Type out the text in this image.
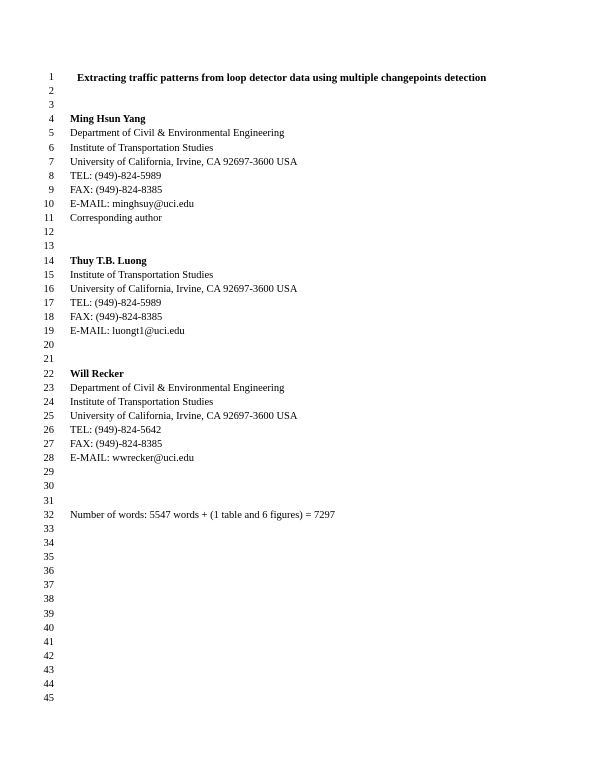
1 Extracting traffic patterns from loop detector data using multiple changepoints detection
2
3
4 Ming Hsun Yang
5 Department of Civil & Environmental Engineering
6 Institute of Transportation Studies
7 University of California, Irvine, CA 92697-3600 USA
8 TEL: (949)-824-5989
9 FAX: (949)-824-8385
10 E-MAIL: minghsuy@uci.edu
11 Corresponding author
12
13
14 Thuy T.B. Luong
15 Institute of Transportation Studies
16 University of California, Irvine, CA 92697-3600 USA
17 TEL: (949)-824-5989
18 FAX: (949)-824-8385
19 E-MAIL: luongt1@uci.edu
20
21
22 Will Recker
23 Department of Civil & Environmental Engineering
24 Institute of Transportation Studies
25 University of California, Irvine, CA 92697-3600 USA
26 TEL: (949)-824-5642
27 FAX: (949)-824-8385
28 E-MAIL: wwrecker@uci.edu
29
30
31
32 Number of words: 5547 words + (1 table and 6 figures) = 7297
33
34
35
36
37
38
39
40
41
42
43
44
45
